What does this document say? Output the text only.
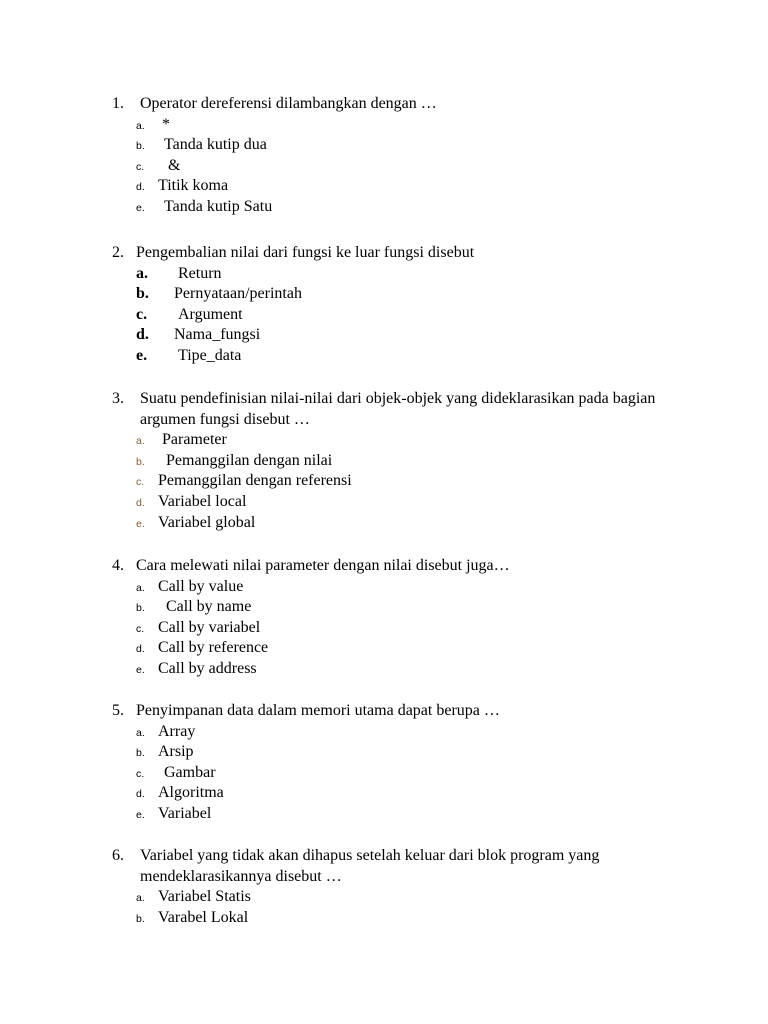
1.	Operator dereferensi dilambangkan dengan …
a. *
b. Tanda kutip dua
c. &
d. Titik koma
e. Tanda kutip Satu
2. Pengembalian nilai dari fungsi ke luar fungsi disebut
a. Return
b. Pernyataan/perintah
c. Argument
d. Nama_fungsi
e. Tipe_data
3.	Suatu pendefinisian nilai-nilai dari objek-objek yang dideklarasikan pada bagian argumen fungsi disebut …
a. Parameter
b. Pemanggilan dengan nilai
c. Pemanggilan dengan referensi
d. Variabel local
e. Variabel global
4. Cara melewati nilai parameter dengan nilai disebut juga…
a. Call by value
b. Call by name
c. Call by variabel
d. Call by reference
e. Call by address
5. Penyimpanan data dalam memori utama dapat berupa …
a. Array
b. Arsip
c. Gambar
d. Algoritma
e. Variabel
6.	Variabel yang tidak akan dihapus setelah keluar dari blok program yang mendeklarasikannya disebut …
a. Variabel Statis
b. Varabel Lokal
